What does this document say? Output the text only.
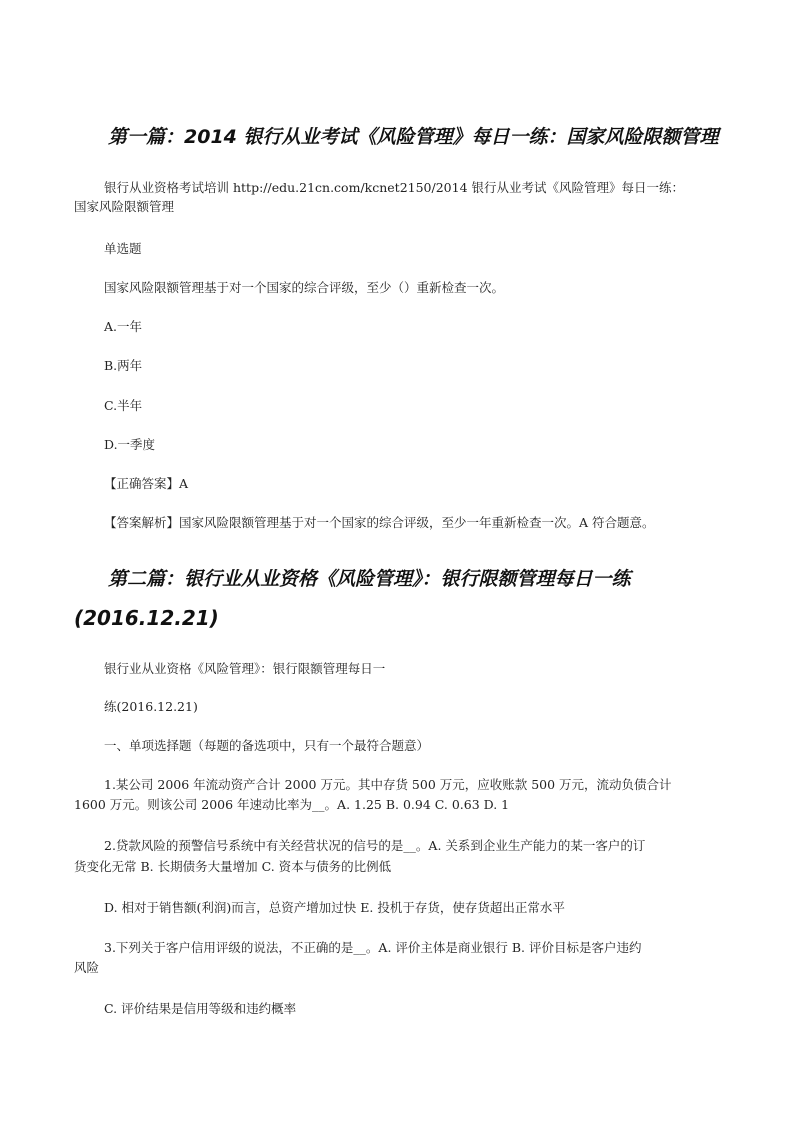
第一篇：2014 银行从业考试《风险管理》每日一练：国家风险限额管理

银行从业资格考试培训 http://edu.21cn.com/kcnet2150/2014 银行从业考试《风险管理》每日一练：

国家风险限额管理

单选题

国家风险限额管理基于对一个国家的综合评级，至少（）重新检查一次。

A.一年

B.两年

C.半年

D.一季度

【正确答案】A

【答案解析】国家风险限额管理基于对一个国家的综合评级，至少一年重新检查一次。A 符合题意。

第二篇：银行业从业资格《风险管理》：银行限额管理每日一练
(2016.12.21)

银行业从业资格《风险管理》：银行限额管理每日一

练(2016.12.21)

一、单项选择题（每题的备选项中，只有一个最符合题意）

1.某公司 2006 年流动资产合计 2000 万元。其中存货 500 万元，应收账款 500 万元，流动负债合计

1600 万元。则该公司 2006 年速动比率为__。A. 1.25 B. 0.94 C. 0.63 D. 1

2.贷款风险的预警信号系统中有关经营状况的信号的是__。A. 关系到企业生产能力的某一客户的订

货变化无常 B. 长期债务大量增加 C. 资本与债务的比例低

D. 相对于销售额(利润)而言，总资产增加过快 E. 投机于存货，使存货超出正常水平

3.下列关于客户信用评级的说法，不正确的是__。A. 评价主体是商业银行 B. 评价目标是客户违约

风险

C. 评价结果是信用等级和违约概率
